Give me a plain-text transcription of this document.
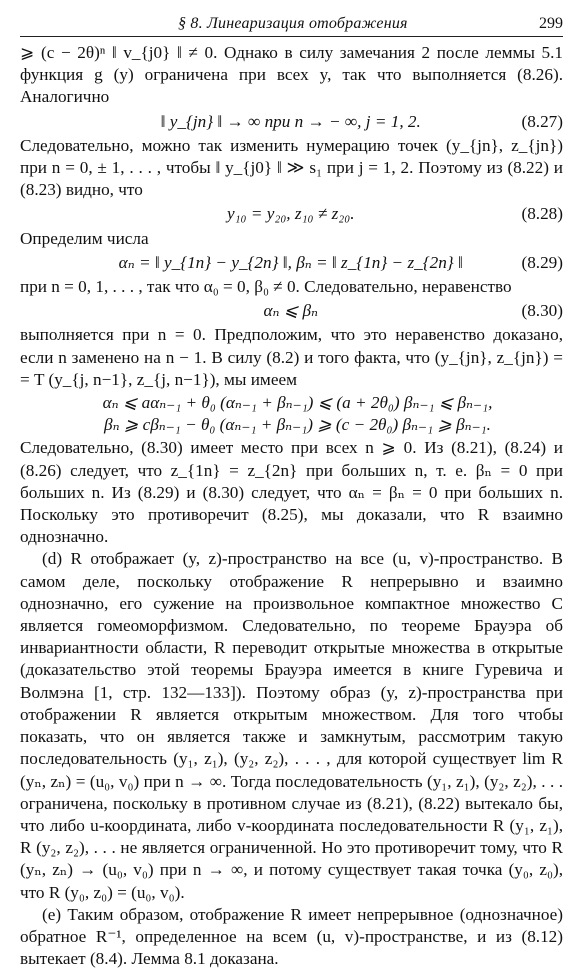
§ 8. Линеаризация отображения	299

⩾ (c − 2θ)ⁿ ‖ v_{j0} ‖ ≠ 0. Однако в силу замечания 2 после леммы 5.1 функция g (y) ограничена при всех y, так что выполняется (8.26). Аналогично

‖ y_{jn} ‖ → ∞ при n → − ∞, j = 1, 2.	(8.27)

Следовательно, можно так изменить нумерацию точек (y_{jn}, z_{jn}) при n = 0, ± 1, . . . , чтобы ‖ y_{j0} ‖ ≫ s₁ при j = 1, 2. Поэтому из (8.22) и (8.23) видно, что

y₁₀ = y₂₀, z₁₀ ≠ z₂₀.	(8.28)

Определим числа

αₙ = ‖ y_{1n} − y_{2n} ‖, βₙ = ‖ z_{1n} − z_{2n} ‖	(8.29)

при n = 0, 1, . . . , так что α₀ = 0, β₀ ≠ 0. Следовательно, неравенство

αₙ ⩽ βₙ	(8.30)

выполняется при n = 0. Предположим, что это неравенство доказано, если n заменено на n − 1. В силу (8.2) и того факта, что (y_{jn}, z_{jn}) = = T (y_{j, n−1}, z_{j, n−1}), мы имеем

αₙ ⩽ aαₙ₋₁ + θ₀ (αₙ₋₁ + βₙ₋₁) ⩽ (a + 2θ₀) βₙ₋₁ ⩽ βₙ₋₁,
βₙ ⩾ cβₙ₋₁ − θ₀ (αₙ₋₁ + βₙ₋₁) ⩾ (c − 2θ₀) βₙ₋₁ ⩾ βₙ₋₁.

Следовательно, (8.30) имеет место при всех n ⩾ 0. Из (8.21), (8.24) и (8.26) следует, что z_{1n} = z_{2n} при больших n, т. е. βₙ = 0 при больших n. Из (8.29) и (8.30) следует, что αₙ = βₙ = 0 при больших n. Поскольку это противоречит (8.25), мы доказали, что R взаимно однозначно.

(d) R отображает (y, z)-пространство на все (u, v)-пространство. В самом деле, поскольку отображение R непрерывно и взаимно однозначно, его сужение на произвольное компактное множество C является гомеоморфизмом. Следовательно, по теореме Брауэра об инвариантности области, R переводит открытые множества в открытые (доказательство этой теоремы Брауэра имеется в книге Гуревича и Волмэна [1, стр. 132—133]). Поэтому образ (y, z)-пространства при отображении R является открытым множеством. Для того чтобы показать, что он является также и замкнутым, рассмотрим такую последовательность (y₁, z₁), (y₂, z₂), . . . , для которой существует lim R (yₙ, zₙ) = (u₀, v₀) при n → ∞. Тогда последовательность (y₁, z₁), (y₂, z₂), . . . ограничена, поскольку в противном случае из (8.21), (8.22) вытекало бы, что либо u-координата, либо v-координата последовательности R (y₁, z₁), R (y₂, z₂), . . . не является ограниченной. Но это противоречит тому, что R (yₙ, zₙ) → (u₀, v₀) при n → ∞, и потому существует такая точка (y₀, z₀), что R (y₀, z₀) = (u₀, v₀).

(e) Таким образом, отображение R имеет непрерывное (однозначное) обратное R⁻¹, определенное на всем (u, v)-пространстве, и из (8.12) вытекает (8.4). Лемма 8.1 доказана.
